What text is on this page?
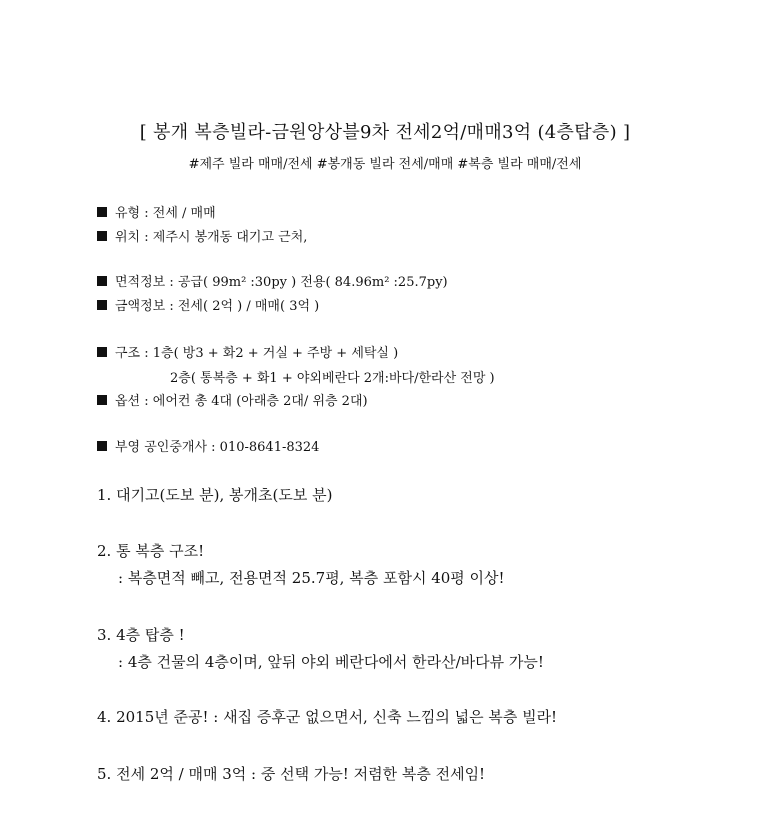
[ 봉개 복층빌라-금원앙상블9차 전세2억/매매3억 (4층탑층) ]
#제주 빌라 매매/전세 #봉개동 빌라 전세/매매 #복층 빌라 매매/전세
유형 : 전세 / 매매
위치 : 제주시 봉개동 대기고 근처,
면적정보 : 공급( 99m² :30py ) 전용( 84.96m² :25.7py)
금액정보 : 전세( 2억 ) / 매매( 3억 )
구조 : 1층( 방3 + 화2 + 거실 + 주방 + 세탁실 )
2층( 통복층 + 화1 + 야외베란다 2개:바다/한라산 전망 )
옵션 : 에어컨 총 4대 (아래층 2대/ 위층 2대)
부영 공인중개사 : 010-8641-8324
1. 대기고(도보 분), 봉개초(도보 분)
2. 통 복층 구조!
: 복층면적 빼고, 전용면적 25.7평, 복층 포함시 40평 이상!
3. 4층 탑층 !
: 4층 건물의 4층이며, 앞뒤 야외 베란다에서 한라산/바다뷰 가능!
4. 2015년 준공! : 새집 증후군 없으면서, 신축 느낌의 넓은 복층 빌라!
5. 전세 2억 / 매매 3억 : 중 선택 가능! 저렴한 복층 전세임!
